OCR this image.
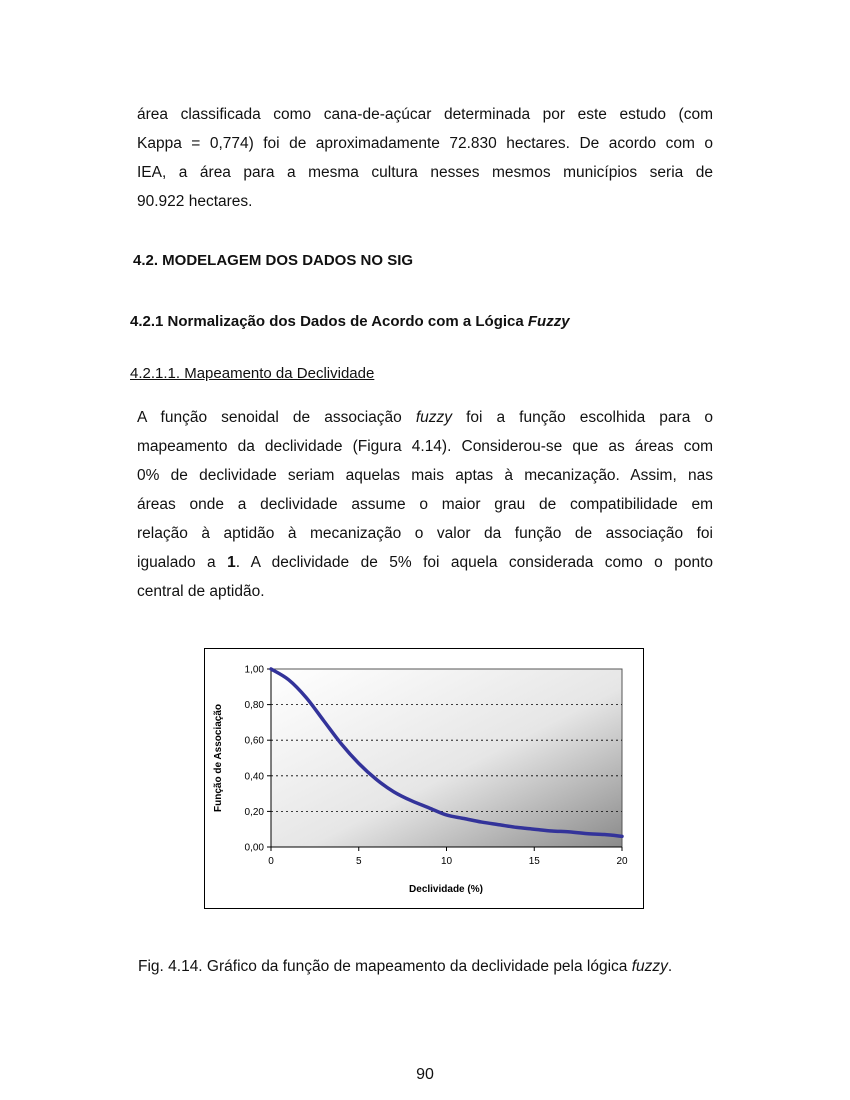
área classificada como cana-de-açúcar determinada por este estudo (com
Kappa = 0,774) foi de aproximadamente 72.830 hectares. De acordo com o
IEA, a área para a mesma cultura nesses mesmos municípios seria de
90.922 hectares.
4.2. MODELAGEM DOS DADOS NO SIG
4.2.1 Normalização dos Dados de Acordo com a Lógica Fuzzy
4.2.1.1. Mapeamento da Declividade
A função senoidal de associação fuzzy foi a função escolhida para o
mapeamento da declividade (Figura 4.14). Considerou-se que as áreas com
0% de declividade seriam aquelas mais aptas à mecanização. Assim, nas
áreas onde a declividade assume o maior grau de compatibilidade em
relação à aptidão à mecanização o valor da função de associação foi
igualado a 1. A declividade de 5% foi aquela considerada como o ponto
central de aptidão.
0,00
0,20
0,40
0,60
0,80
1,00
0	5	10	15	20
Declividade (%)
Função de Associação
Fig. 4.14. Gráfico da função de mapeamento da declividade pela lógica fuzzy.
90
